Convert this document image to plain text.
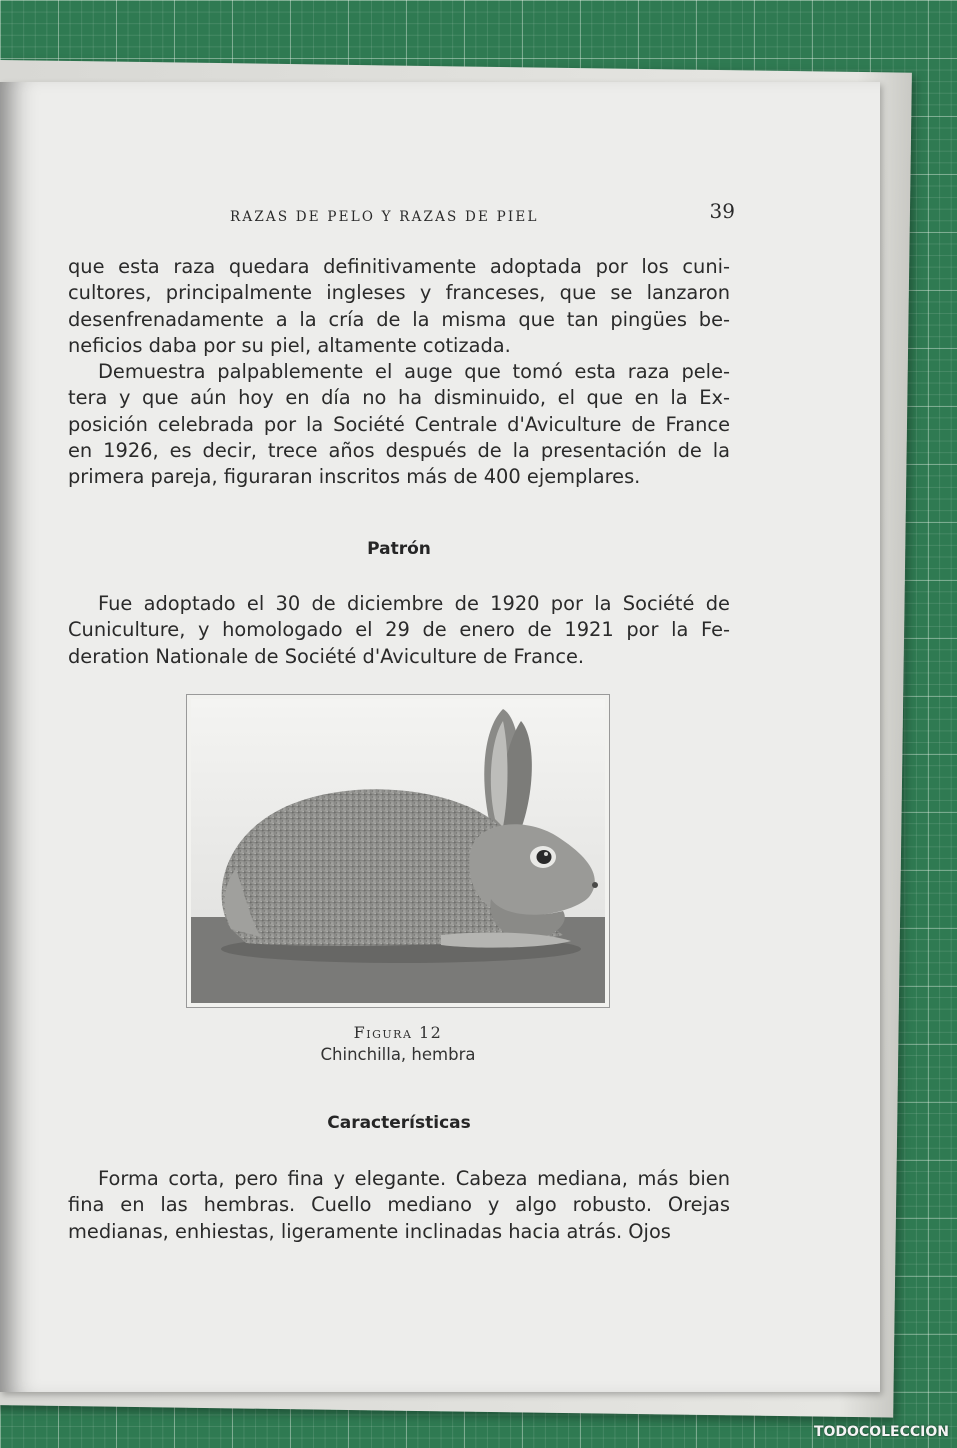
RAZAS DE PELO Y RAZAS DE PIEL	39

que esta raza quedara definitivamente adoptada por los cuni- cultores, principalmente ingleses y franceses, que se lanzaron desenfrenadamente a la cría de la misma que tan pingües be- neficios daba por su piel, altamente cotizada.

Demuestra palpablemente el auge que tomó esta raza pele- tera y que aún hoy en día no ha disminuido, el que en la Ex- posición celebrada por la Société Centrale d'Aviculture de France en 1926, es decir, trece años después de la presentación de la primera pareja, figuraran inscritos más de 400 ejemplares.

Patrón

Fue adoptado el 30 de diciembre de 1920 por la Société de Cuniculture, y homologado el 29 de enero de 1921 por la Fe- deration Nationale de Société d'Aviculture de France.

Figura 12
Chinchilla, hembra
Características

Forma corta, pero fina y elegante. Cabeza mediana, más bien fina en las hembras. Cuello mediano y algo robusto. Orejas medianas, enhiestas, ligeramente inclinadas hacia atrás. Ojos

TODOCOLECCION
